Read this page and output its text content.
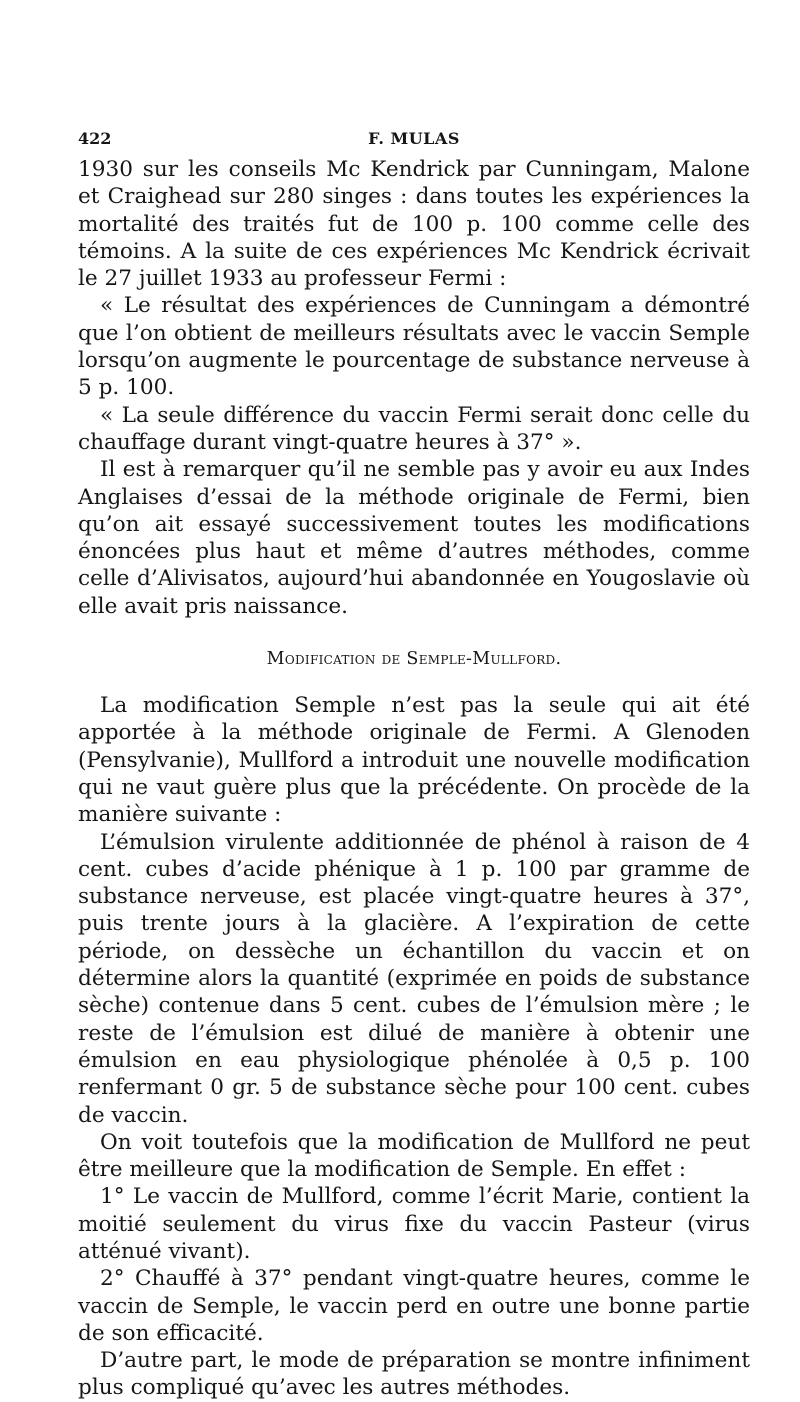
422	F. MULAS

1930 sur les conseils Mc Kendrick par Cunningam, Malone et Craighead sur 280 singes : dans toutes les expériences la mortalité des traités fut de 100 p. 100 comme celle des témoins. A la suite de ces expériences Mc Kendrick écrivait le 27 juillet 1933 au professeur Fermi :

« Le résultat des expériences de Cunningam a démontré que l’on obtient de meilleurs résultats avec le vaccin Semple lorsqu’on augmente le pourcentage de substance nerveuse à 5 p. 100.

« La seule différence du vaccin Fermi serait donc celle du chauffage durant vingt-quatre heures à 37° ».

Il est à remarquer qu’il ne semble pas y avoir eu aux Indes Anglaises d’essai de la méthode originale de Fermi, bien qu’on ait essayé successivement toutes les modifications énoncées plus haut et même d’autres méthodes, comme celle d’Alivisatos, aujourd’hui abandonnée en Yougoslavie où elle avait pris naissance.

Modification de Semple-Mullford.

La modification Semple n’est pas la seule qui ait été apportée à la méthode originale de Fermi. A Glenoden (Pensylvanie), Mullford a introduit une nouvelle modification qui ne vaut guère plus que la précédente. On procède de la manière suivante :

L’émulsion virulente additionnée de phénol à raison de 4 cent. cubes d’acide phénique à 1 p. 100 par gramme de substance nerveuse, est placée vingt-quatre heures à 37°, puis trente jours à la glacière. A l’expiration de cette période, on dessèche un échantillon du vaccin et on détermine alors la quantité (exprimée en poids de substance sèche) contenue dans 5 cent. cubes de l’émulsion mère ; le reste de l’émulsion est dilué de manière à obtenir une émulsion en eau physiologique phénolée à 0,5 p. 100 renfermant 0 gr. 5 de substance sèche pour 100 cent. cubes de vaccin.

On voit toutefois que la modification de Mullford ne peut être meilleure que la modification de Semple. En effet :

1° Le vaccin de Mullford, comme l’écrit Marie, contient la moitié seulement du virus fixe du vaccin Pasteur (virus atténué vivant).

2° Chauffé à 37° pendant vingt-quatre heures, comme le vaccin de Semple, le vaccin perd en outre une bonne partie de son efficacité.

D’autre part, le mode de préparation se montre infiniment plus compliqué qu’avec les autres méthodes.
